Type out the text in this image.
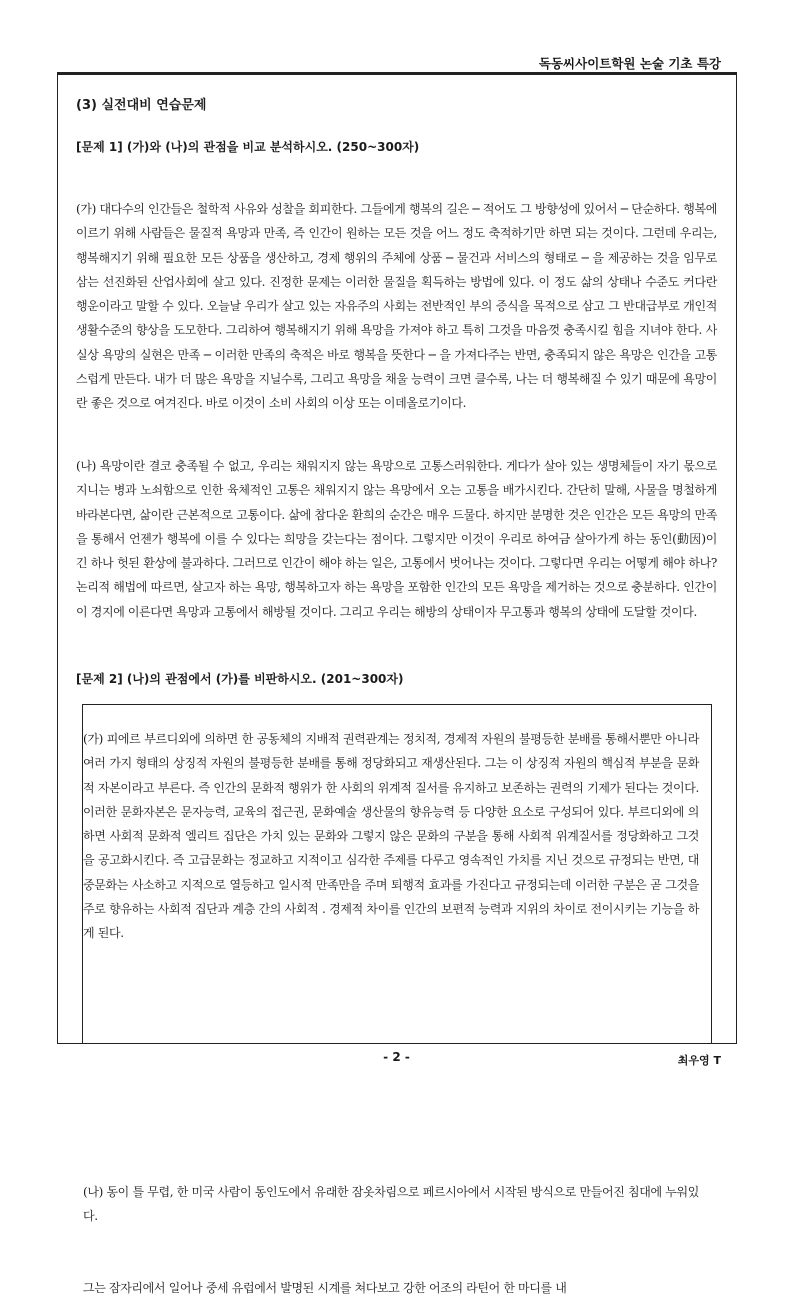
독동씨사이트학원 논술 기초 특강
(3) 실전대비 연습문제
[문제 1] (가)와 (나)의 관점을 비교 분석하시오. (250~300자)

(가) 대다수의 인간들은 철학적 사유와 성찰을 회피한다. 그들에게 행복의 길은 ─ 적어도 그 방향성에 있어서 ─ 단순하다. 행복에 이르기 위해 사람들은 물질적 욕망과 만족, 즉 인간이 원하는 모든 것을 어느 정도 축적하기만 하면 되는 것이다. 그런데 우리는, 행복해지기 위해 필요한 모든 상품을 생산하고, 경제 행위의 주체에 상품 ─ 물건과 서비스의 형태로 ─ 을 제공하는 것을 임무로 삼는 선진화된 산업사회에 살고 있다. 진정한 문제는 이러한 물질을 획득하는 방법에 있다. 이 정도 삶의 상태나 수준도 커다란 행운이라고 말할 수 있다. 오늘날 우리가 살고 있는 자유주의 사회는 전반적인 부의 증식을 목적으로 삼고 그 반대급부로 개인적 생활수준의 향상을 도모한다. 그리하여 행복해지기 위해 욕망을 가져야 하고 특히 그것을 마음껏 충족시킬 힘을 지녀야 한다. 사실상 욕망의 실현은 만족 ─ 이러한 만족의 축적은 바로 행복을 뜻한다 ─ 을 가져다주는 반면, 충족되지 않은 욕망은 인간을 고통스럽게 만든다. 내가 더 많은 욕망을 지닐수록, 그리고 욕망을 채울 능력이 크면 클수록, 나는 더 행복해질 수 있기 때문에 욕망이란 좋은 것으로 여겨진다. 바로 이것이 소비 사회의 이상 또는 이데올로기이다.

(나) 욕망이란 결코 충족될 수 없고, 우리는 채워지지 않는 욕망으로 고통스러워한다. 게다가 살아 있는 생명체들이 자기 몫으로 지니는 병과 노쇠함으로 인한 육체적인 고통은 채워지지 않는 욕망에서 오는 고통을 배가시킨다. 간단히 말해, 사물을 명철하게 바라본다면, 삶이란 근본적으로 고통이다. 삶에 참다운 환희의 순간은 매우 드물다. 하지만 분명한 것은 인간은 모든 욕망의 만족을 통해서 언젠가 행복에 이를 수 있다는 희망을 갖는다는 점이다. 그렇지만 이것이 우리로 하여금 살아가게 하는 동인(動因)이긴 하나 헛된 환상에 불과하다. 그러므로 인간이 해야 하는 일은, 고통에서 벗어나는 것이다. 그렇다면 우리는 어떻게 해야 하나? 논리적 해법에 따르면, 살고자 하는 욕망, 행복하고자 하는 욕망을 포함한 인간의 모든 욕망을 제거하는 것으로 충분하다. 인간이 이 경지에 이른다면 욕망과 고통에서 해방될 것이다. 그리고 우리는 해방의 상태이자 무고통과 행복의 상태에 도달할 것이다.

[문제 2] (나)의 관점에서 (가)를 비판하시오. (201~300자)

(가) 피에르 부르디외에 의하면 한 공동체의 지배적 권력관계는 정치적, 경제적 자원의 불평등한 분배를 통해서뿐만 아니라 여러 가지 형태의 상징적 자원의 불평등한 분배를 통해 정당화되고 재생산된다. 그는 이 상징적 자원의 핵심적 부분을 문화적 자본이라고 부른다. 즉 인간의 문화적 행위가 한 사회의 위계적 질서를 유지하고 보존하는 권력의 기제가 된다는 것이다. 이러한 문화자본은 문자능력, 교육의 접근권, 문화예술 생산물의 향유능력 등 다양한 요소로 구성되어 있다. 부르디외에 의하면 사회적 문화적 엘리트 집단은 가치 있는 문화와 그렇지 않은 문화의 구분을 통해 사회적 위계질서를 정당화하고 그것을 공고화시킨다. 즉 고급문화는 정교하고 지적이고 심각한 주제를 다루고 영속적인 가치를 지닌 것으로 규정되는 반면, 대중문화는 사소하고 지적으로 열등하고 일시적 만족만을 주며 퇴행적 효과를 가진다고 규정되는데 이러한 구분은 곧 그것을 주로 향유하는 사회적 집단과 계층 간의 사회적 . 경제적 차이를 인간의 보편적 능력과 지위의 차이로 전이시키는 기능을 하게 된다.

(나) 동이 틀 무렵, 한 미국 사람이 동인도에서 유래한 잠옷차림으로 페르시아에서 시작된 방식으로 만들어진 침대에 누워있다.

그는 잠자리에서 일어나 중세 유럽에서 발명된 시계를 쳐다보고 강한 어조의 라틴어 한 마디를 내

- 2 -	최우영 T
